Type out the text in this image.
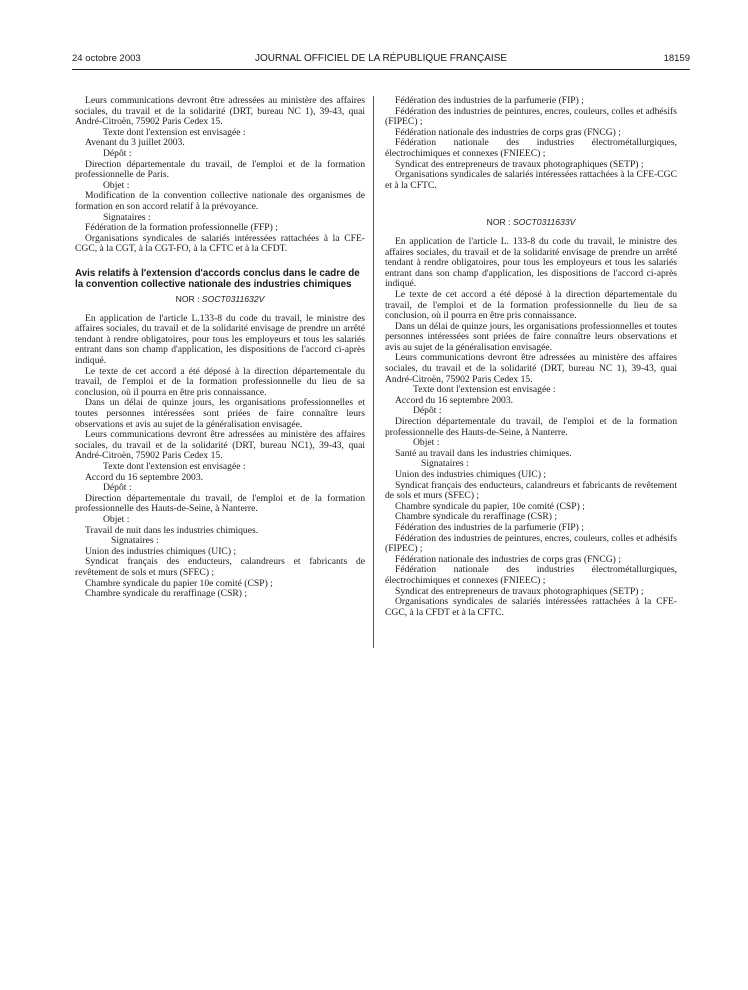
24 octobre 2003	JOURNAL OFFICIEL DE LA RÉPUBLIQUE FRANÇAISE	18159

Leurs communications devront être adressées au ministère des affaires sociales, du travail et de la solidarité (DRT, bureau NC 1), 39-43, quai André-Citroën, 75902 Paris Cedex 15.

Texte dont l'extension est envisagée :

Avenant du 3 juillet 2003.

Dépôt :

Direction départementale du travail, de l'emploi et de la formation professionnelle de Paris.

Objet :

Modification de la convention collective nationale des organismes de formation en son accord relatif à la prévoyance.

Signataires :

Fédération de la formation professionnelle (FFP) ;

Organisations syndicales de salariés intéressées rattachées à la CFE-CGC, à la CGT, à la CGT-FO, à la CFTC et à la CFDT.

Avis relatifs à l'extension d'accords conclus dans le cadre de la convention collective nationale des industries chimiques
NOR : SOCT0311632V

En application de l'article L.133-8 du code du travail, le ministre des affaires sociales, du travail et de la solidarité envisage de prendre un arrêté tendant à rendre obligatoires, pour tous les employeurs et tous les salariés entrant dans son champ d'application, les dispositions de l'accord ci-après indiqué.

Le texte de cet accord a été déposé à la direction départementale du travail, de l'emploi et de la formation professionnelle du lieu de sa conclusion, où il pourra en être pris connaissance.

Dans un délai de quinze jours, les organisations professionnelles et toutes personnes intéressées sont priées de faire connaître leurs observations et avis au sujet de la généralisation envisagée.

Leurs communications devront être adressées au ministère des affaires sociales, du travail et de la solidarité (DRT, bureau NC1), 39-43, quai André-Citroën, 75902 Paris Cedex 15.

Texte dont l'extension est envisagée :

Accord du 16 septembre 2003.

Dépôt :

Direction départementale du travail, de l'emploi et de la formation professionnelle des Hauts-de-Seine, à Nanterre.

Objet :

Travail de nuit dans les industries chimiques.

Signataires :

Union des industries chimiques (UIC) ;

Syndicat français des enducteurs, calandreurs et fabricants de revêtement de sols et murs (SFEC) ;

Chambre syndicale du papier 10e comité (CSP) ;

Chambre syndicale du reraffinage (CSR) ;

Fédération des industries de la parfumerie (FIP) ;

Fédération des industries de peintures, encres, couleurs, colles et adhésifs (FIPEC) ;

Fédération nationale des industries de corps gras (FNCG) ;

Fédération nationale des industries électrométallurgiques, électrochimiques et connexes (FNIEEC) ;

Syndicat des entrepreneurs de travaux photographiques (SETP) ;

Organisations syndicales de salariés intéressées rattachées à la CFE-CGC et à la CFTC.

NOR : SOCT0311633V

En application de l'article L. 133-8 du code du travail, le ministre des affaires sociales, du travail et de la solidarité envisage de prendre un arrêté tendant à rendre obligatoires, pour tous les employeurs et tous les salariés entrant dans son champ d'application, les dispositions de l'accord ci-après indiqué.

Le texte de cet accord a été déposé à la direction départementale du travail, de l'emploi et de la formation professionnelle du lieu de sa conclusion, où il pourra en être pris connaissance.

Dans un délai de quinze jours, les organisations professionnelles et toutes personnes intéressées sont priées de faire connaître leurs observations et avis au sujet de la généralisation envisagée.

Leurs communications devront être adressées au ministère des affaires sociales, du travail et de la solidarité (DRT, bureau NC 1), 39-43, quai André-Citroën, 75902 Paris Cedex 15.

Texte dont l'extension est envisagée :

Accord du 16 septembre 2003.

Dépôt :

Direction départementale du travail, de l'emploi et de la formation professionnelle des Hauts-de-Seine, à Nanterre.

Objet :

Santé au travail dans les industries chimiques.

Signataires :

Union des industries chimiques (UIC) ;

Syndicat français des enducteurs, calandreurs et fabricants de revêtement de sols et murs (SFEC) ;

Chambre syndicale du papier, 10e comité (CSP) ;

Chambre syndicale du reraffinage (CSR) ;

Fédération des industries de la parfumerie (FIP) ;

Fédération des industries de peintures, encres, couleurs, colles et adhésifs (FIPEC) ;

Fédération nationale des industries de corps gras (FNCG) ;

Fédération nationale des industries électrométallurgiques, électrochimiques et connexes (FNIEEC) ;

Syndicat des entrepreneurs de travaux photographiques (SETP) ;

Organisations syndicales de salariés intéressées rattachées à la CFE-CGC, à la CFDT et à la CFTC.
